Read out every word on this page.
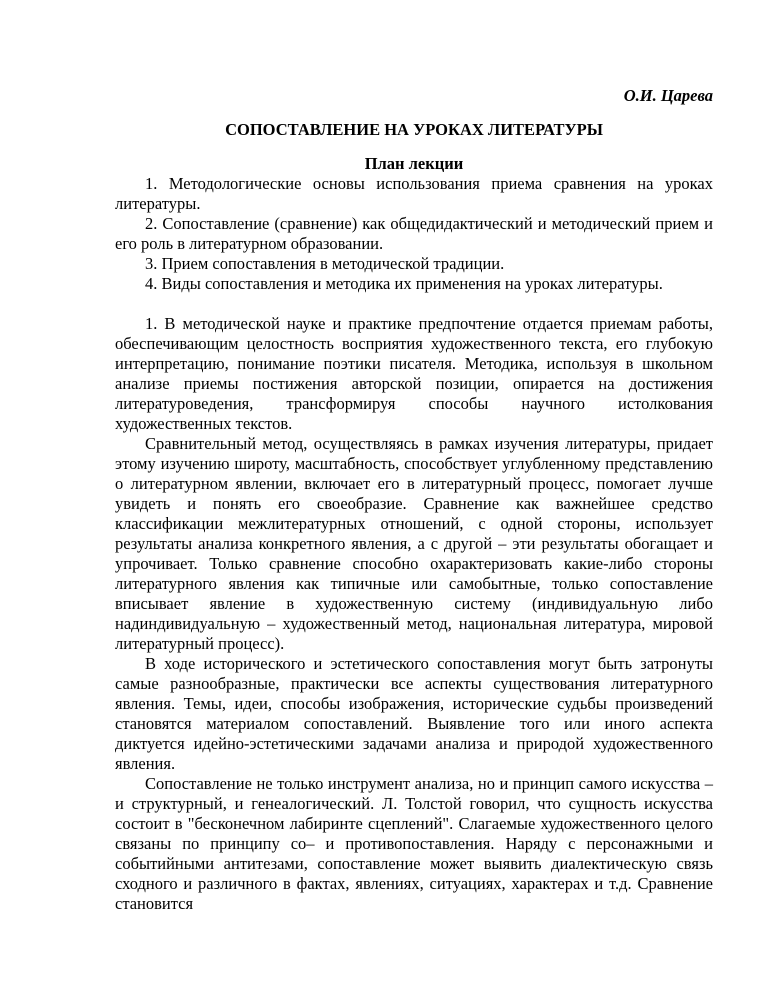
О.И. Царева

СОПОСТАВЛЕНИЕ НА УРОКАХ ЛИТЕРАТУРЫ

План лекции

1. Методологические основы использования приема сравнения на уроках литературы.

2. Сопоставление (сравнение) как общедидактический и методический прием и его роль в литературном образовании.

3. Прием сопоставления в методической традиции.

4. Виды сопоставления и методика их применения на уроках литературы.

1. В методической науке и практике предпочтение отдается приемам работы, обеспечивающим целостность восприятия художественного текста, его глубокую интерпретацию, понимание поэтики писателя. Методика, используя в школьном анализе приемы постижения авторской позиции, опирается на достижения литературоведения, трансформируя способы научного истолкования художественных текстов.

Сравнительный метод, осуществляясь в рамках изучения литературы, придает этому изучению широту, масштабность, способствует углубленному представлению о литературном явлении, включает его в литературный процесс, помогает лучше увидеть и понять его своеобразие. Сравнение как важнейшее средство классификации межлитературных отношений, с одной стороны, использует результаты анализа конкретного явления, а с другой – эти результаты обогащает и упрочивает. Только сравнение способно охарактеризовать какие-либо стороны литературного явления как типичные или самобытные, только сопоставление вписывает явление в художественную систему (индивидуальную либо надиндивидуальную – художественный метод, национальная литература, мировой литературный процесс).

В ходе исторического и эстетического сопоставления могут быть затронуты самые разнообразные, практически все аспекты существования литературного явления. Темы, идеи, способы изображения, исторические судьбы произведений становятся материалом сопоставлений. Выявление того или иного аспекта диктуется идейно-эстетическими задачами анализа и природой художественного явления.

Сопоставление не только инструмент анализа, но и принцип самого искусства – и структурный, и генеалогический. Л. Толстой говорил, что сущность искусства состоит в "бесконечном лабиринте сцеплений". Слагаемые художественного целого связаны по принципу со– и противопоставления. Наряду с персонажными и событийными антитезами, сопоставление может выявить диалектическую связь сходного и различного в фактах, явлениях, ситуациях, характерах и т.д. Сравнение становится
